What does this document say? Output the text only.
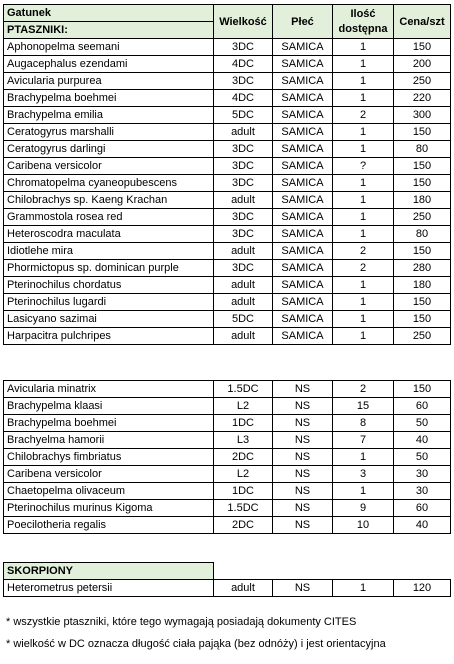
Gatunek	Wielkość	Płeć	Ilość dostępna	Cena/szt
PTASZNIKI:				
Aphonopelma seemani	3DC	SAMICA	1	150
Augacephalus ezendami	4DC	SAMICA	1	200
Avicularia purpurea	3DC	SAMICA	1	250
Brachypelma boehmei	4DC	SAMICA	1	220
Brachypelma emilia	5DC	SAMICA	2	300
Ceratogyrus marshalli	adult	SAMICA	1	150
Ceratogyrus darlingi	3DC	SAMICA	1	80
Caribena versicolor	3DC	SAMICA	?	150
Chromatopelma cyaneopubescens	3DC	SAMICA	1	150
Chilobrachys sp. Kaeng Krachan	adult	SAMICA	1	180
Grammostola rosea red	3DC	SAMICA	1	250
Heteroscodra maculata	3DC	SAMICA	1	80
Idiotlehe mira	adult	SAMICA	2	150
Phormictopus sp. dominican purple	3DC	SAMICA	2	280
Pterinochilus chordatus	adult	SAMICA	1	180
Pterinochilus lugardi	adult	SAMICA	1	150
Lasicyano sazimai	5DC	SAMICA	1	150
Harpacitra pulchripes	adult	SAMICA	1	250
Avicularia minatrix	1.5DC	NS	2	150
Brachypelma klaasi	L2	NS	15	60
Brachypelma boehmei	1DC	NS	8	50
Brachyelma hamorii	L3	NS	7	40
Chilobrachys fimbriatus	2DC	NS	1	50
Caribena versicolor	L2	NS	3	30
Chaetopelma olivaceum	1DC	NS	1	30
Pterinochilus murinus Kigoma	1.5DC	NS	9	60
Poecilotheria regalis	2DC	NS	10	40
SKORPIONY				
Heterometrus petersii	adult	NS	1	120
* wszystkie ptaszniki, które tego wymagają posiadają dokumenty CITES
* wielkość w DC oznacza długość ciała pająka (bez odnóży) i jest orientacyjna
